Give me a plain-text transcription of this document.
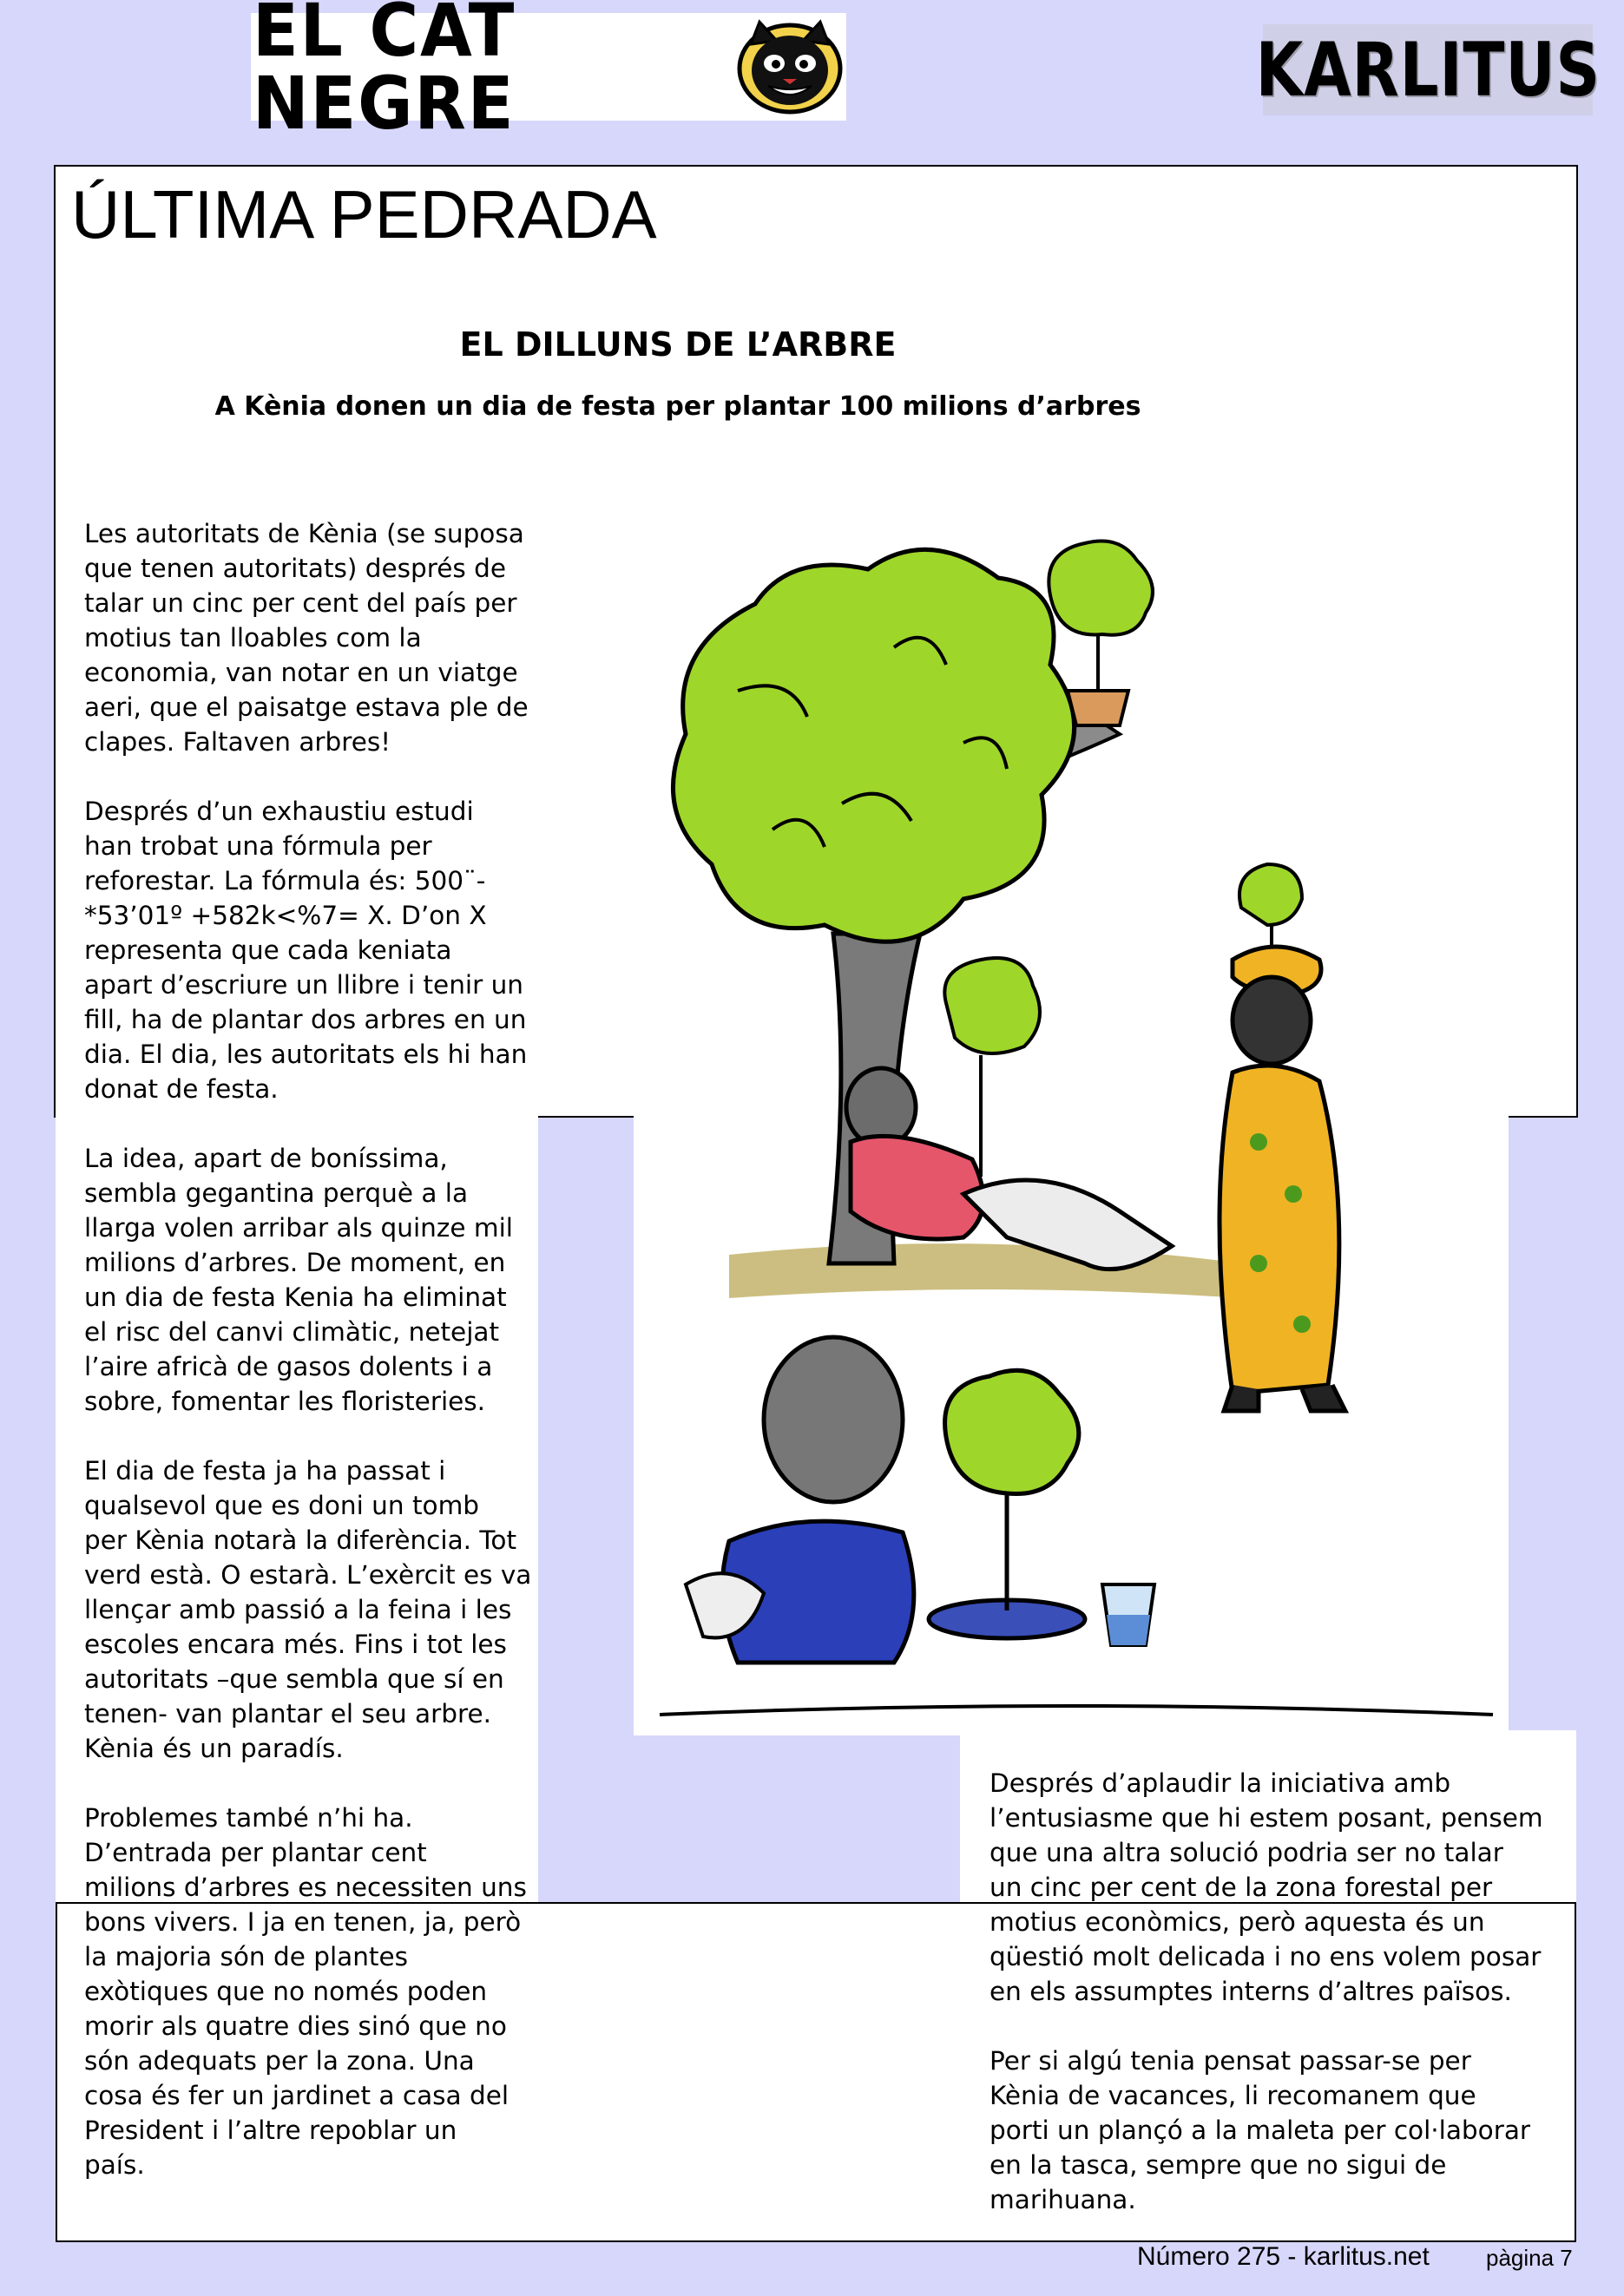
EL CAT NEGRE	KARLITUS
ÚLTIMA PEDRADA
EL DILLUNS DE L’ARBRE
A Kènia donen un dia de festa per plantar 100 milions d’arbres
Les autoritats de Kènia (se suposa
que tenen autoritats) després de
talar un cinc per cent del país per
motius tan lloables com la
economia, van notar en un viatge
aeri, que el paisatge estava ple de
clapes. Faltaven arbres!

Després d’un exhaustiu estudi
han trobat una fórmula per
reforestar. La fórmula és: 500¨-
*53’01º +582k<%7= X. D’on X
representa que cada keniata
apart d’escriure un llibre i tenir un
fill, ha de plantar dos arbres en un
dia. El dia, les autoritats els hi han
donat de festa.

La idea, apart de boníssima,
sembla gegantina perquè a la
llarga volen arribar als quinze mil
milions d’arbres. De moment, en
un dia de festa Kenia ha eliminat
el risc del canvi climàtic, netejat
l’aire africà de gasos dolents i a
sobre, fomentar les floristeries.

El dia de festa ja ha passat i
qualsevol que es doni un tomb
per Kènia notarà la diferència. Tot
verd està. O estarà. L’exèrcit es va
llençar amb passió a la feina i les
escoles encara més. Fins i tot les
autoritats –que sembla que sí en
tenen- van plantar el seu arbre.
Kènia és un paradís.

Problemes també n’hi ha.
D’entrada per plantar cent
milions d’arbres es necessiten uns
bons vivers. I ja en tenen, ja, però
la majoria són de plantes
exòtiques que no només poden
morir als quatre dies sinó que no
són adequats per la zona. Una
cosa és fer un jardinet a casa del
President i l’altre repoblar un
país.
Després d’aplaudir la iniciativa amb
l’entusiasme que hi estem posant, pensem
que una altra solució podria ser no talar
un cinc per cent de la zona forestal per
motius econòmics, però aquesta és un
qüestió molt delicada i no ens volem posar
en els assumptes interns d’altres països.

Per si algú tenia pensat passar-se per
Kènia de vacances, li recomanem que
porti un plançó a la maleta per col·laborar
en la tasca, sempre que no sigui de
marihuana.
Número 275 - karlitus.net	pàgina 7
